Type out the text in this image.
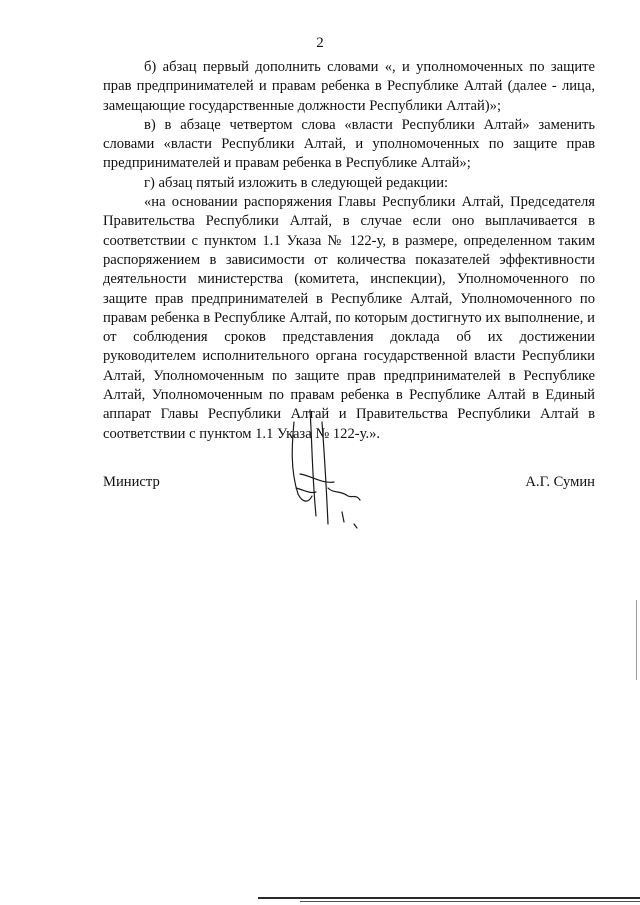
2

б) абзац первый дополнить словами «, и уполномоченных по защите прав предпринимателей и правам ребенка в Республике Алтай (далее - лица, замещающие государственные должности Республики Алтай)»;

в) в абзаце четвертом слова «власти Республики Алтай» заменить словами «власти Республики Алтай, и уполномоченных по защите прав предпринимателей и правам ребенка в Республике Алтай»;

г) абзац пятый изложить в следующей редакции:

«на основании распоряжения Главы Республики Алтай, Председателя Правительства Республики Алтай, в случае если оно выплачивается в соответствии с пунктом 1.1 Указа № 122-у, в размере, определенном таким распоряжением в зависимости от количества показателей эффективности деятельности министерства (комитета, инспекции), Уполномоченного по защите прав предпринимателей в Республике Алтай, Уполномоченного по правам ребенка в Республике Алтай, по которым достигнуто их выполнение, и от соблюдения сроков представления доклада об их достижении руководителем исполнительного органа государственной власти Республики Алтай, Уполномоченным по защите прав предпринимателей в Республике Алтай, Уполномоченным по правам ребенка в Республике Алтай в Единый аппарат Главы Республики Алтай и Правительства Республики Алтай в соответствии с пунктом 1.1 Указа № 122-у.».

Министр	А.Г. Сумин
